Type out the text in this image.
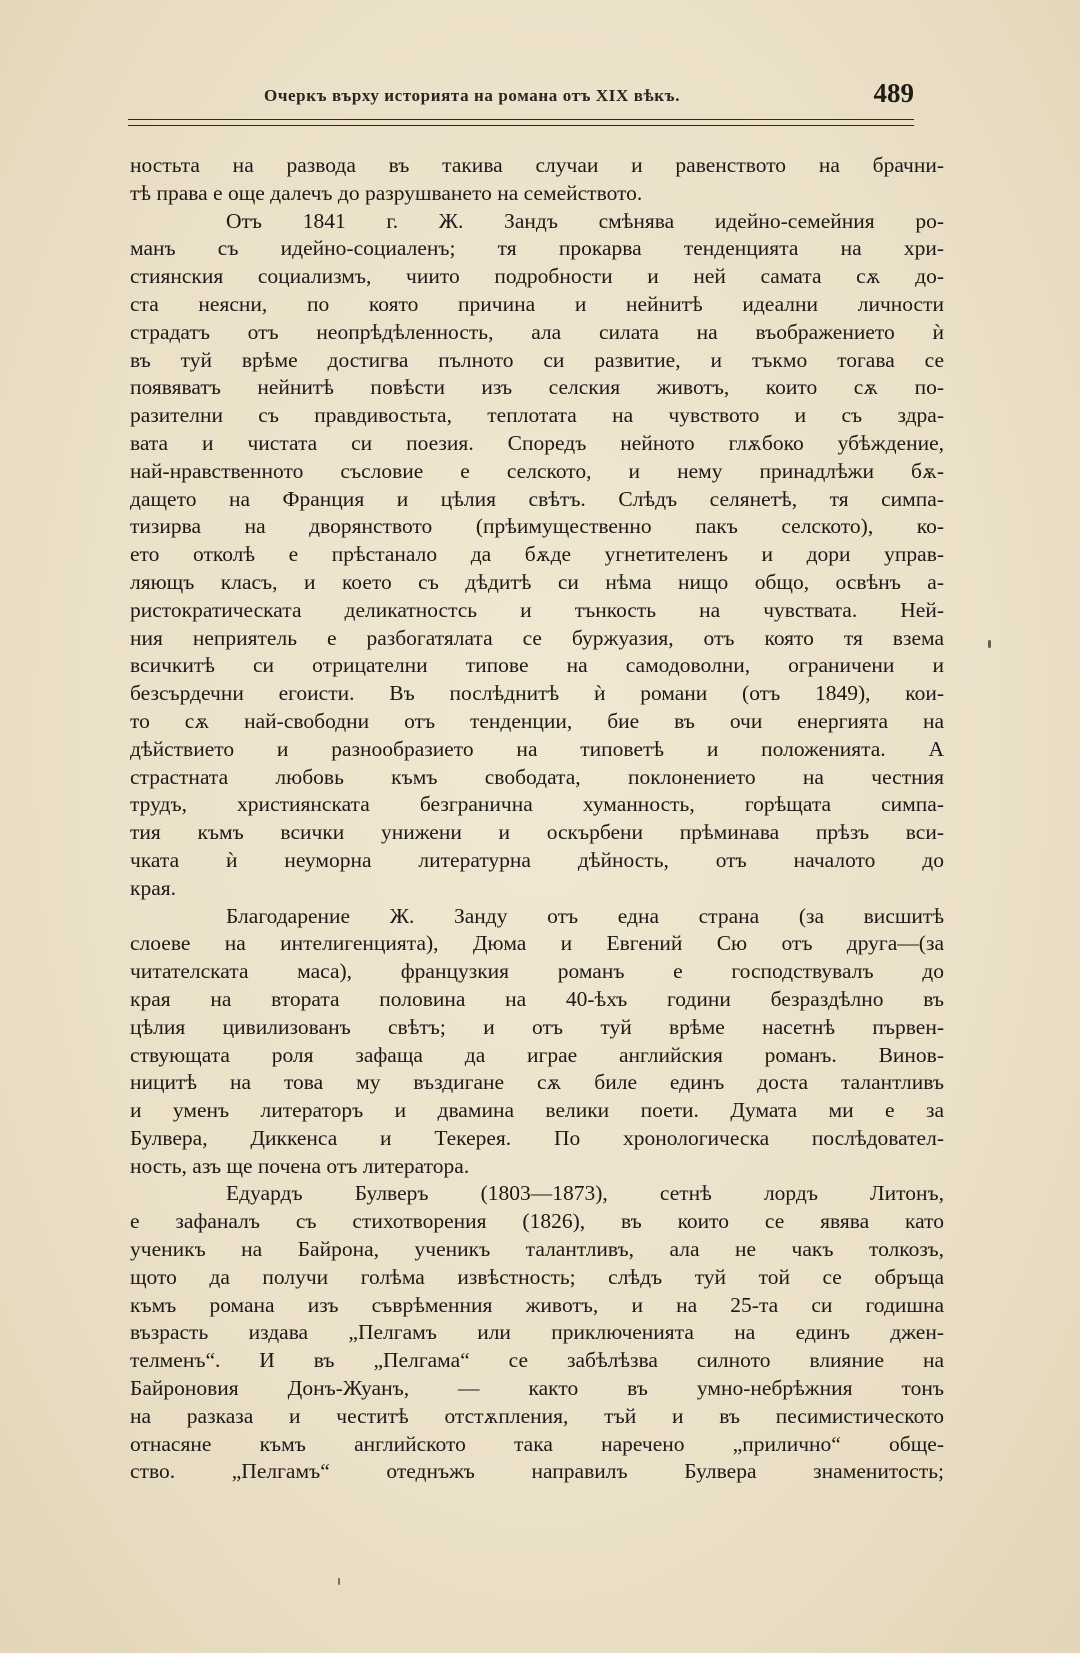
Очеркъ върху историята на романа отъ XIX вѣкъ.	489
ностьта на развода въ такива случаи и равенството на брачни-
тѣ права е още далечъ до разрушването на семейството.
Отъ 1841 г. Ж. Зандъ смѣнява идейно-семейния ро-
манъ съ идейно-социаленъ; тя прокарва тенденцията на хри-
стиянския социализмъ, чиито подробности и ней самата сѫ до-
ста неясни, по която причина и нейнитѣ идеални личности
страдатъ отъ неопрѣдѣленность, ала силата на въображението ѝ
въ туй врѣме достигва пълното си развитие, и тъкмо тогава се
появяватъ нейнитѣ повѣсти изъ селския животъ, които сѫ по-
разителни съ правдивостьта, теплотата на чувството и съ здра-
вата и чистата си поезия. Споредъ нейното глѫбоко убѣждение,
най-нравственното съсловие е селското, и нему принадлѣжи бѫ-
дащето на Франция и цѣлия свѣтъ. Слѣдъ селянетѣ, тя симпа-
тизирва на дворянството (прѣимущественно пакъ селското), ко-
ето отколѣ е прѣстанало да бѫде угнетителенъ и дори управ-
ляющъ класъ, и което съ дѣдитѣ си нѣма нищо общо, освѣнъ а-
ристократическата деликатностсь и тънкость на чувствата. Ней-
ния неприятель е разбогатялата се буржуазия, отъ която тя взема
всичкитѣ си отрицателни типове на самодоволни, ограничени и
безсърдечни егоисти. Въ послѣднитѣ ѝ романи (отъ 1849), кои-
то сѫ най-свободни отъ тенденции, бие въ очи енергията на
дѣйствието и разнообразието на типоветѣ и положенията. А
страстната любовь къмъ свободата, поклонението на честния
трудъ, християнската безгранична хуманность, горѣщата симпа-
тия къмъ всички унижени и оскърбени прѣминава прѣзъ вси-
чката ѝ неуморна литературна дѣйность, отъ началото до
края.
Благодарение Ж. Занду отъ една страна (за висшитѣ
слоеве на интелигенцията), Дюма и Евгений Сю отъ друга—(за
читателската маса), французкия романъ е господствувалъ до
края на втората половина на 40-ѣхъ години безраздѣлно въ
цѣлия цивилизованъ свѣтъ; и отъ туй врѣме насетнѣ първен-
ствующата роля зафаща да играе английския романъ. Винов-
ницитѣ на това му въздигане сѫ биле единъ доста талантливъ
и уменъ литераторъ и двамина велики поети. Думата ми е за
Булвера, Диккенса и Текерея. По хронологическа послѣдовател-
ность, азъ ще почена отъ литератора.
Едуардъ Булверъ (1803—1873), сетнѣ лордъ Литонъ,
е зафаналъ съ стихотворения (1826), въ които се явява като
ученикъ на Байрона, ученикъ талантливъ, ала не чакъ толкозъ,
щото да получи голѣма извѣстность; слѣдъ туй той се обръща
къмъ романа изъ съврѣменния животъ, и на 25-та си годишна
възрасть издава „Пелгамъ или приключенията на единъ джен-
телменъ“. И въ „Пелгама“ се забѣлѣзва силното влияние на
Байроновия Донъ-Жуанъ, — както въ умно-небрѣжния тонъ
на разказа и честитѣ отстѫпления, тъй и въ песимистическото
отнасяне къмъ английското така наречено „прилично“ обще-
ство. „Пелгамъ“ отеднъжъ направилъ Булвера знаменитость;
